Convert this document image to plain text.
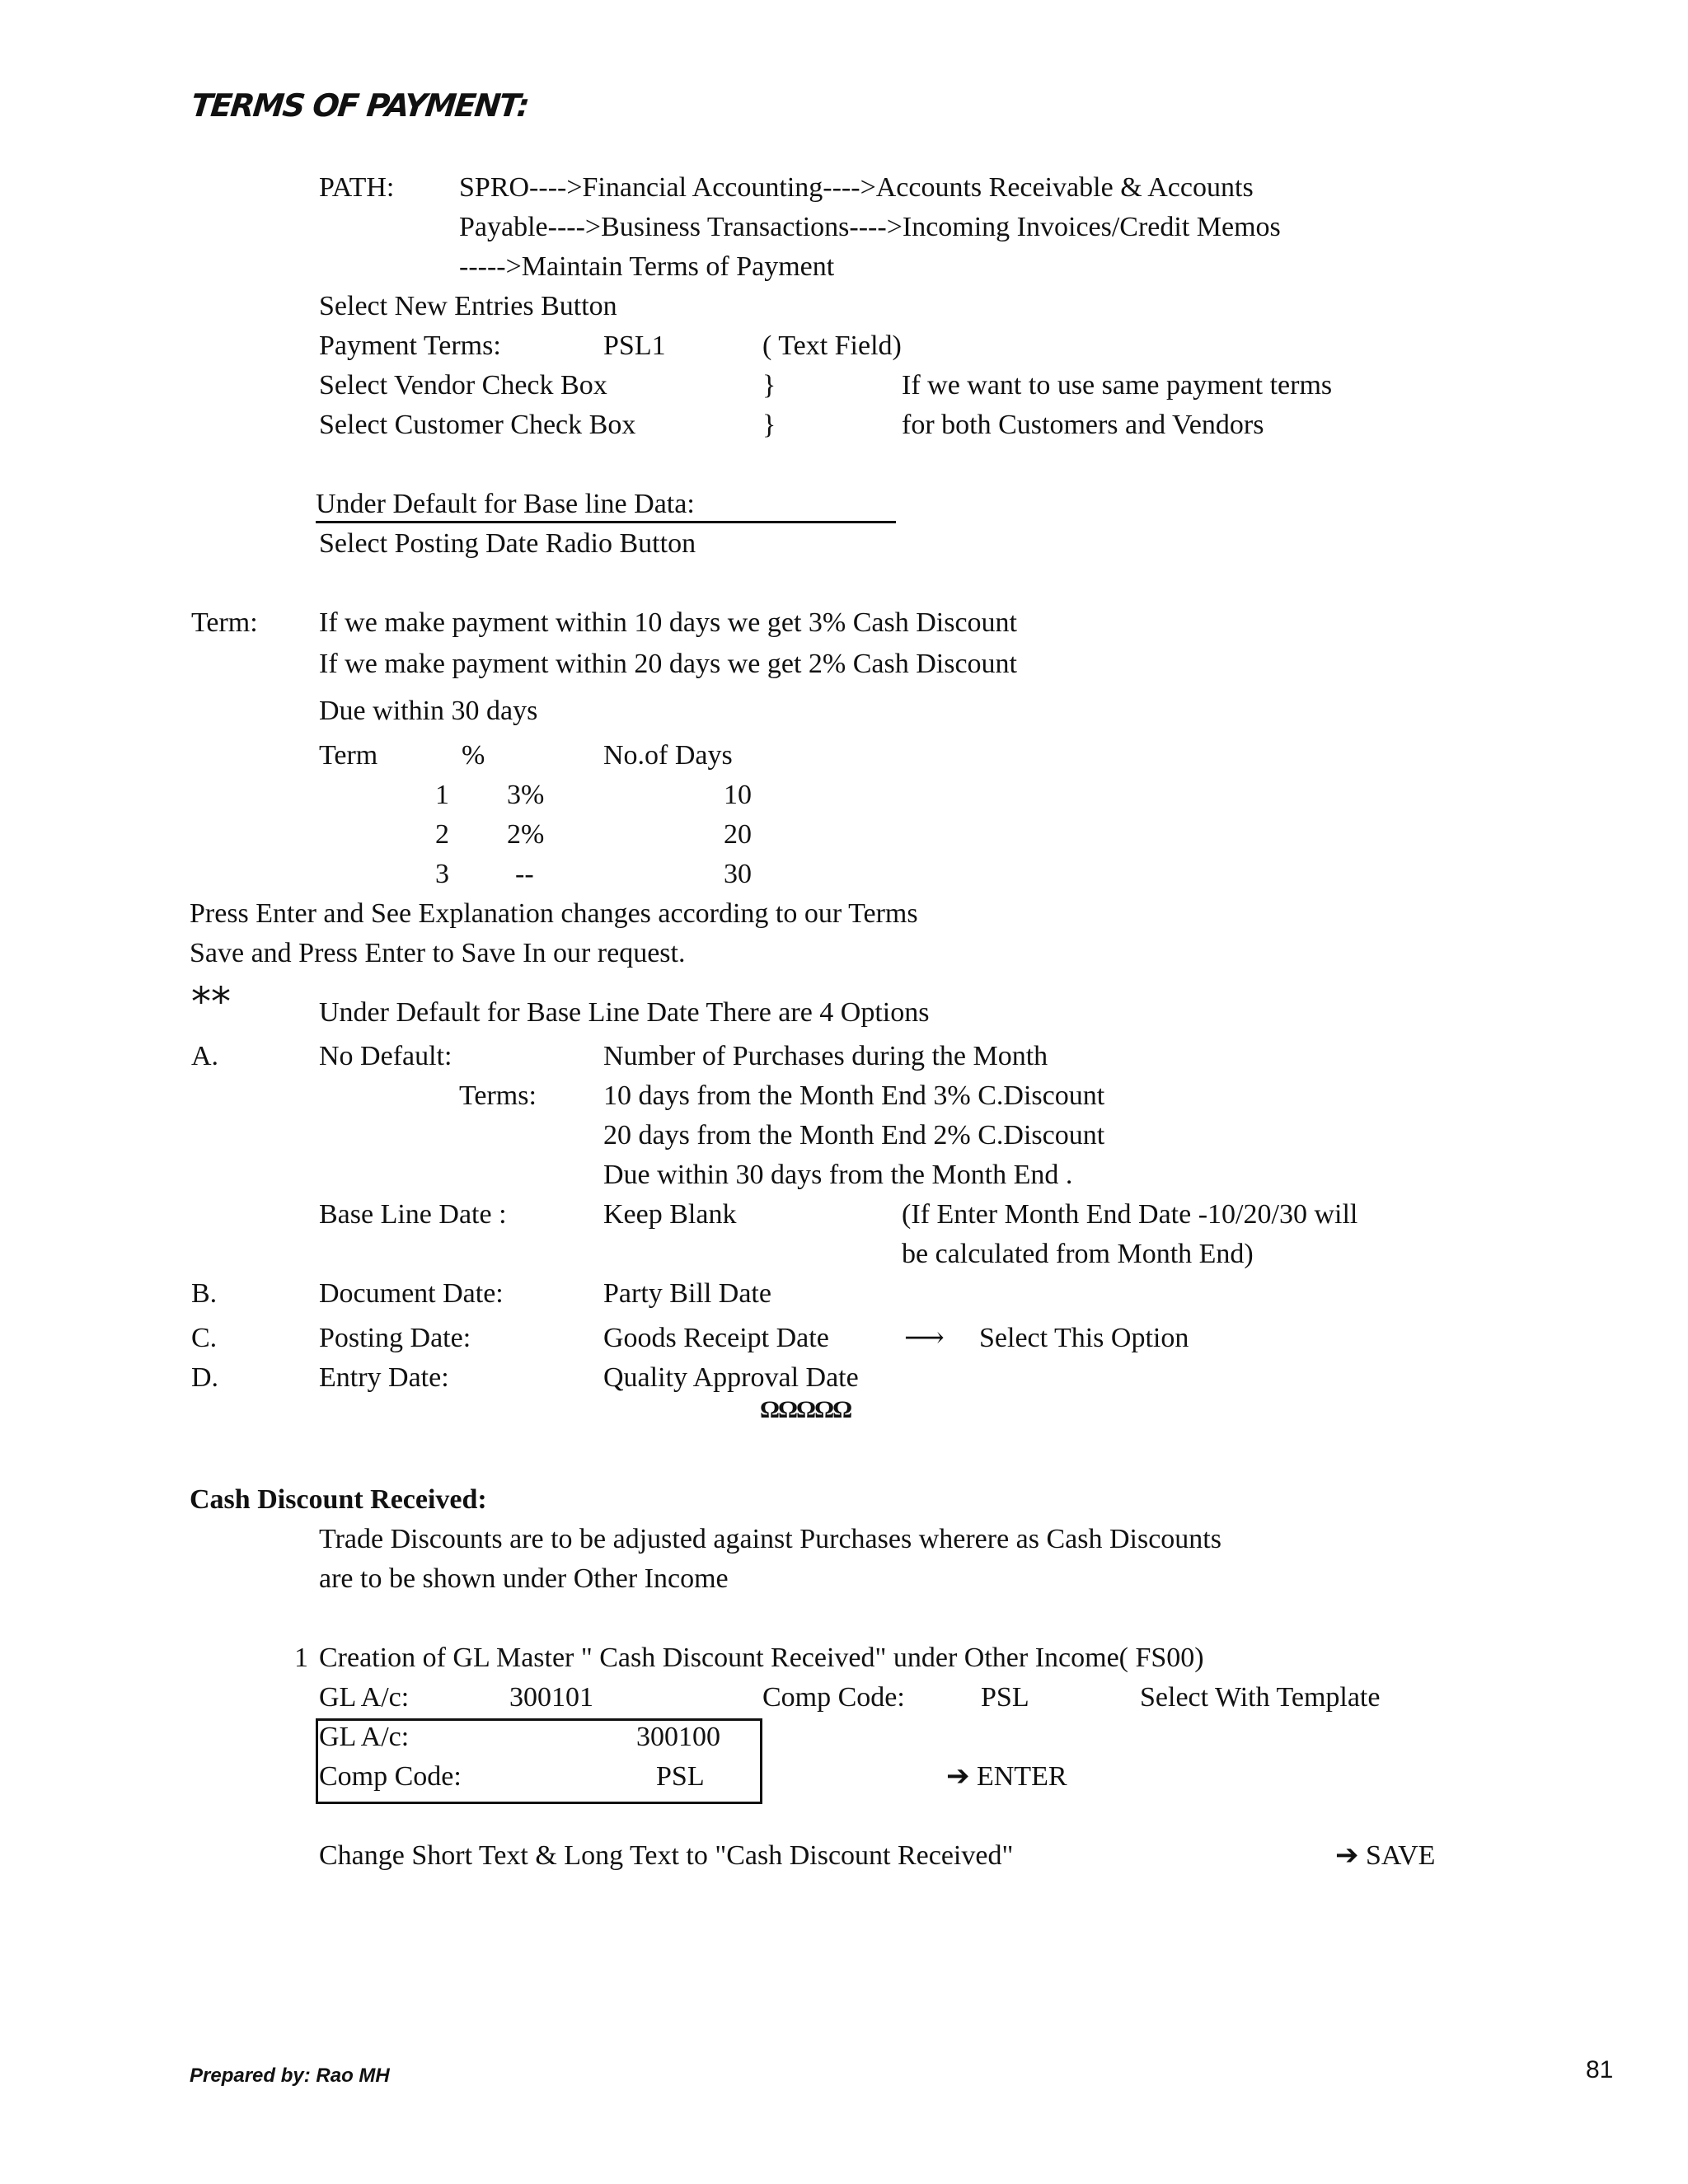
TERMS OF PAYMENT:
PATH: SPRO---->Financial Accounting---->Accounts Receivable & Accounts
Payable---->Business Transactions---->Incoming Invoices/Credit Memos
----->Maintain Terms of Payment
Select New Entries Button
Payment Terms:	PSL1	( Text Field)
Select Vendor Check Box	}	If we want to use same payment terms
Select Customer Check Box	}	for both Customers and Vendors
Under Default for Base line Data:
Select Posting Date Radio Button
Term: If we make payment within 10 days we get 3% Cash Discount
If we make payment within 20 days we get 2% Cash Discount
Due within 30 days
Term	%	No.of Days
1 3%	10
2 2%	20
3 --	30
Press Enter and See Explanation changes according to our Terms
Save and Press Enter to Save In our request.
**	Under Default for Base Line Date There are 4 Options
A.	No Default:	Number of Purchases during the Month
Terms: 10 days from the Month End 3% C.Discount
20 days from the Month End 2% C.Discount
Due within 30 days from the Month End .
Base Line Date :	Keep Blank	(If Enter Month End Date -10/20/30 will
be calculated from Month End)
B.	Document Date:	Party Bill Date
C.	Posting Date:	Goods Receipt Date	⟶ Select This Option
D.	Entry Date:	Quality Approval Date
ΩΩΩΩΩ
Cash Discount Received:
Trade Discounts are to be adjusted against Purchases wherere as Cash Discounts
are to be shown under Other Income
1 Creation of GL Master " Cash Discount Received" under Other Income( FS00)
GL A/c:	300101	Comp Code:	PSL	Select With Template
GL A/c:	300100
Comp Code:	PSL	➔ ENTER
Change Short Text & Long Text to "Cash Discount Received"	➔ SAVE
Prepared by: Rao MH	81
